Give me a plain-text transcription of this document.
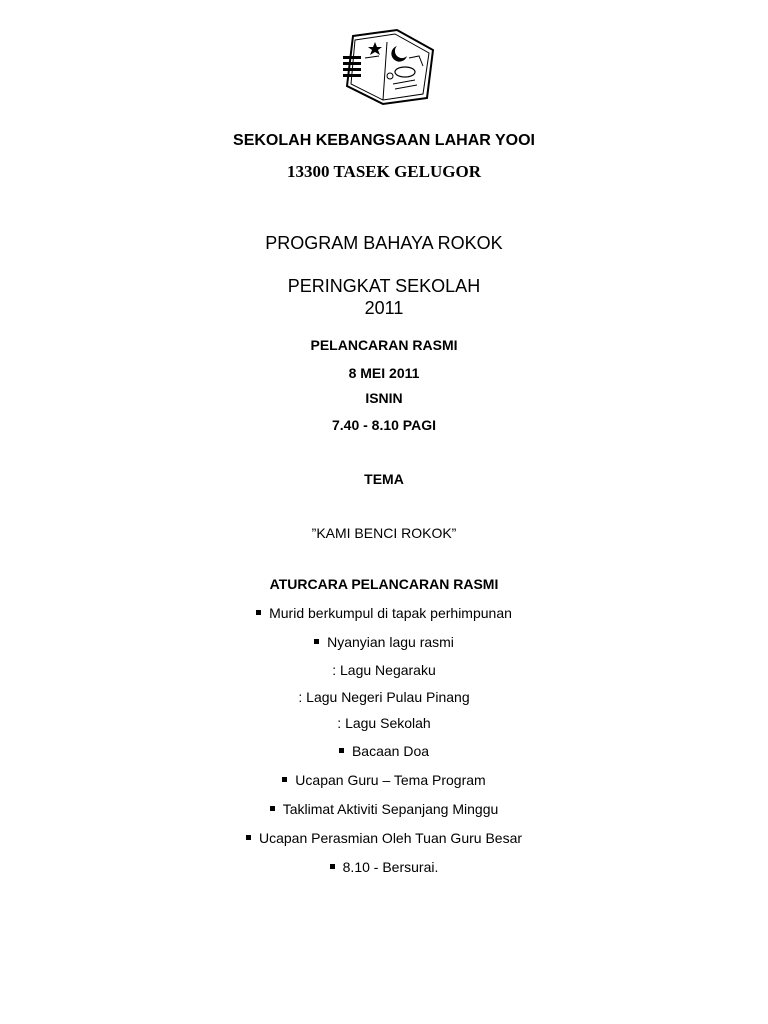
SEKOLAH KEBANGSAAN LAHAR YOOI
13300 TASEK GELUGOR
PROGRAM BAHAYA ROKOK
PERINGKAT SEKOLAH
2011
PELANCARAN RASMI
8 MEI 2011
ISNIN
7.40 - 8.10 PAGI
TEMA
”KAMI BENCI ROKOK”
ATURCARA PELANCARAN RASMI
Murid berkumpul di tapak perhimpunan
Nyanyian lagu rasmi
: Lagu Negaraku
: Lagu Negeri Pulau Pinang
: Lagu Sekolah
Bacaan Doa
Ucapan Guru – Tema Program
Taklimat Aktiviti Sepanjang Minggu
Ucapan Perasmian Oleh Tuan Guru Besar
8.10 - Bersurai.
